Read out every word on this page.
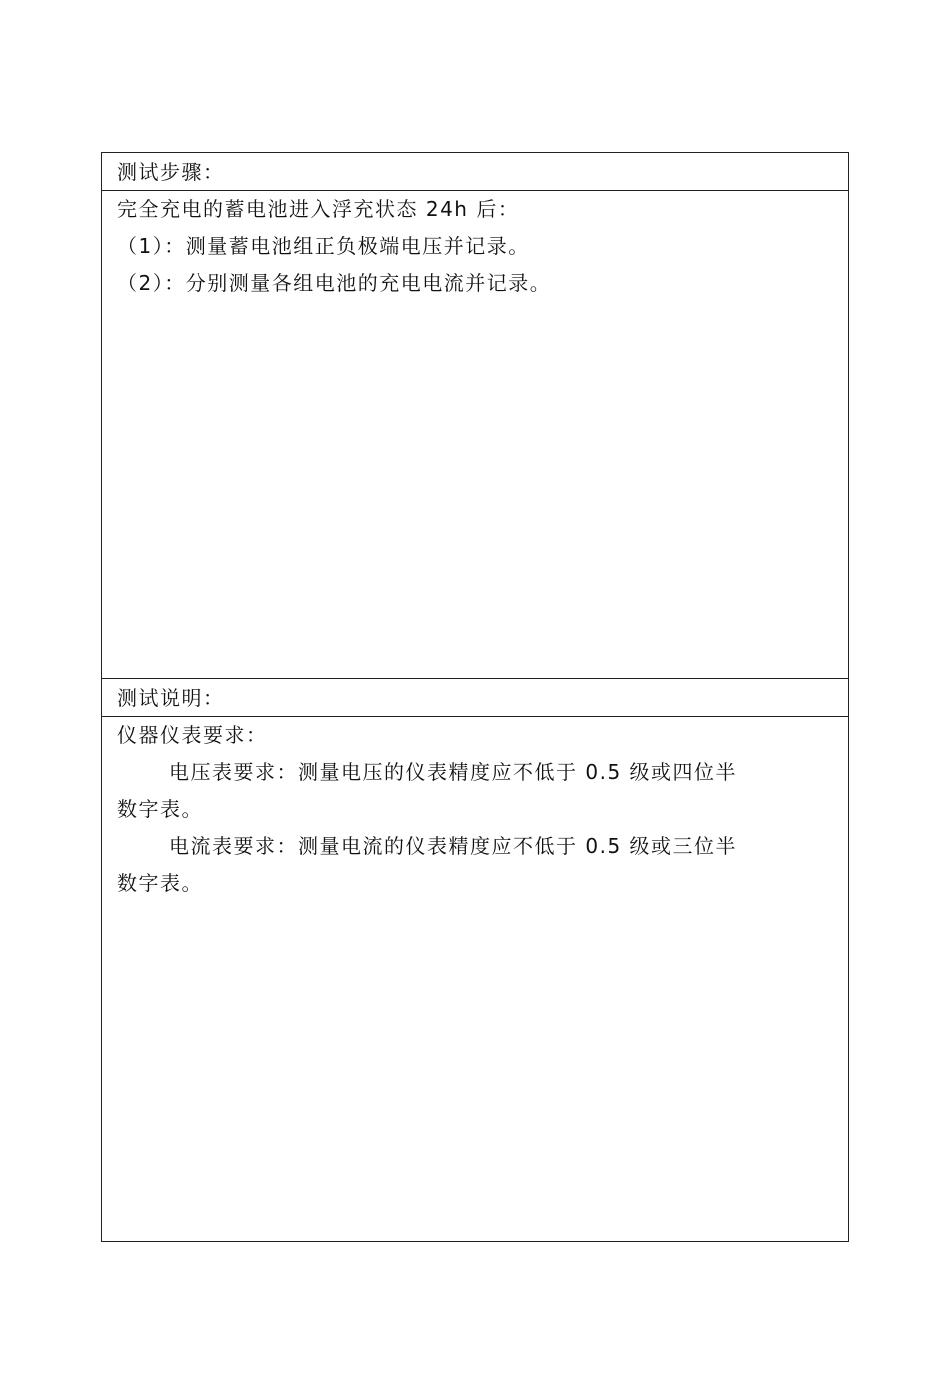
测试步骤：
完全充电的蓄电池进入浮充状态 24h 后：
（1）：测量蓄电池组正负极端电压并记录。
（2）：分别测量各组电池的充电电流并记录。
测试说明：
仪器仪表要求：
电压表要求：测量电压的仪表精度应不低于 0.5 级或四位半
数字表。
电流表要求：测量电流的仪表精度应不低于 0.5 级或三位半
数字表。
